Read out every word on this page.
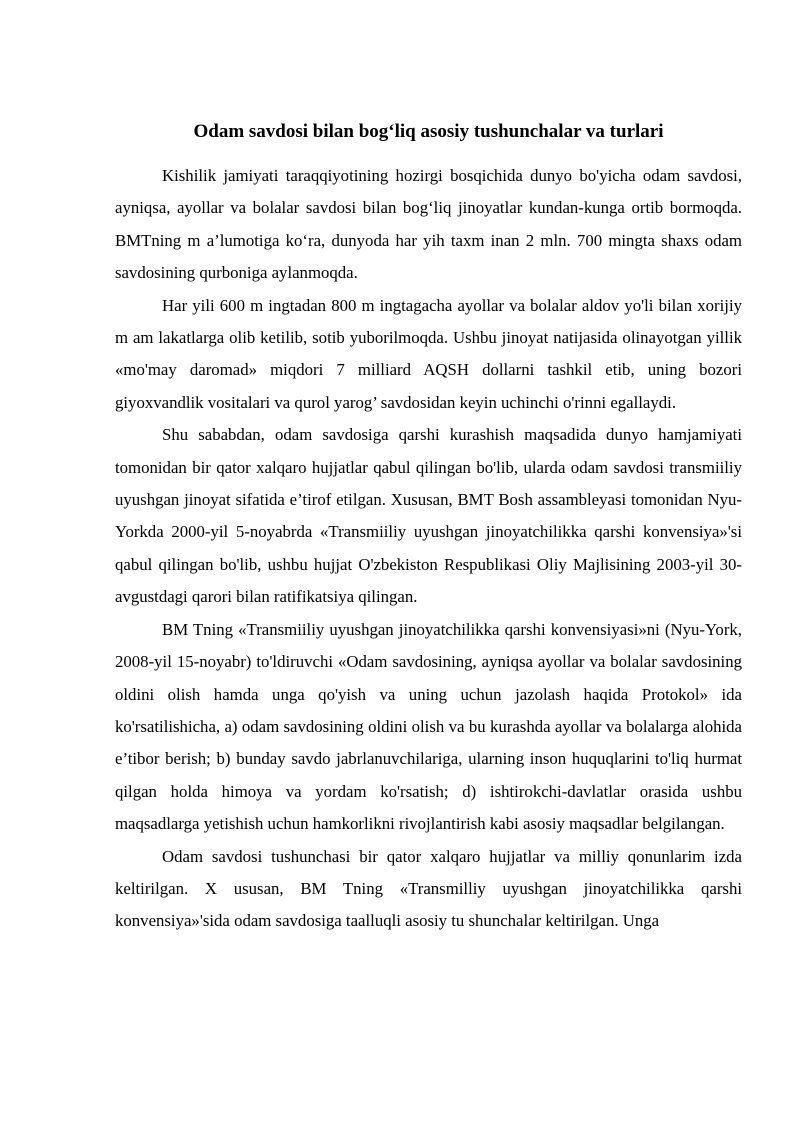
Odam savdosi bilan bog‘liq asosiy tushunchalar va turlari

Kishilik jamiyati taraqqiyotining hozirgi bosqichida dunyo bo'yicha odam savdosi, ayniqsa, ayollar va bolalar savdosi bilan bog‘liq jinoyatlar kundan-kunga ortib bormoqda. BMTning m a’lumotiga ko‘ra, dunyoda har yih taxm inan 2 mln. 700 mingta shaxs odam savdosining qurboniga aylanmoqda.

Har yili 600 m ingtadan 800 m ingtagacha ayollar va bolalar aldov yo'li bilan xorijiy m am lakatlarga olib ketilib, sotib yuborilmoqda. Ushbu jinoyat natijasida olinayotgan yillik «mo'may daromad» miqdori 7 milliard AQSH dollarni tashkil etib, uning bozori giyoxvandlik vositalari va qurol yarog’ savdosidan keyin uchinchi o'rinni egallaydi.

Shu sababdan, odam savdosiga qarshi kurashish maqsadida dunyo hamjamiyati tomonidan bir qator xalqaro hujjatlar qabul qilingan bo'lib, ularda odam savdosi transmiiliy uyushgan jinoyat sifatida e’tirof etilgan. Xususan, BMT Bosh assambleyasi tomonidan Nyu-Yorkda 2000-yil 5-noyabrda «Transmiiliy uyushgan jinoyatchilikka qarshi konvensiya»'si qabul qilingan bo'lib, ushbu hujjat O'zbekiston Respublikasi Oliy Majlisining 2003-yil 30-avgustdagi qarori bilan ratifikatsiya qilingan.

BM Tning «Transmiiliy uyushgan jinoyatchilikka qarshi konvensiyasi»ni (Nyu-York, 2008-yil 15-noyabr) to'ldiruvchi «Odam savdosining, ayniqsa ayollar va bolalar savdosining oldini olish hamda unga qo'yish va uning uchun jazolash haqida Protokol» ida ko'rsatilishicha, a) odam savdosining oldini olish va bu kurashda ayollar va bolalarga alohida e’tibor berish; b) bunday savdo jabrlanuvchilariga, ularning inson huquqlarini to'liq hurmat qilgan holda himoya va yordam ko'rsatish; d) ishtirokchi-davlatlar orasida ushbu maqsadlarga yetishish uchun hamkorlikni rivojlantirish kabi asosiy maqsadlar belgilangan.

Odam savdosi tushunchasi bir qator xalqaro hujjatlar va milliy qonunlarim izda keltirilgan. X ususan, BM Tning «Transmilliy uyushgan jinoyatchilikka qarshi konvensiya»'sida odam savdosiga taalluqli asosiy tu shunchalar keltirilgan. Unga
